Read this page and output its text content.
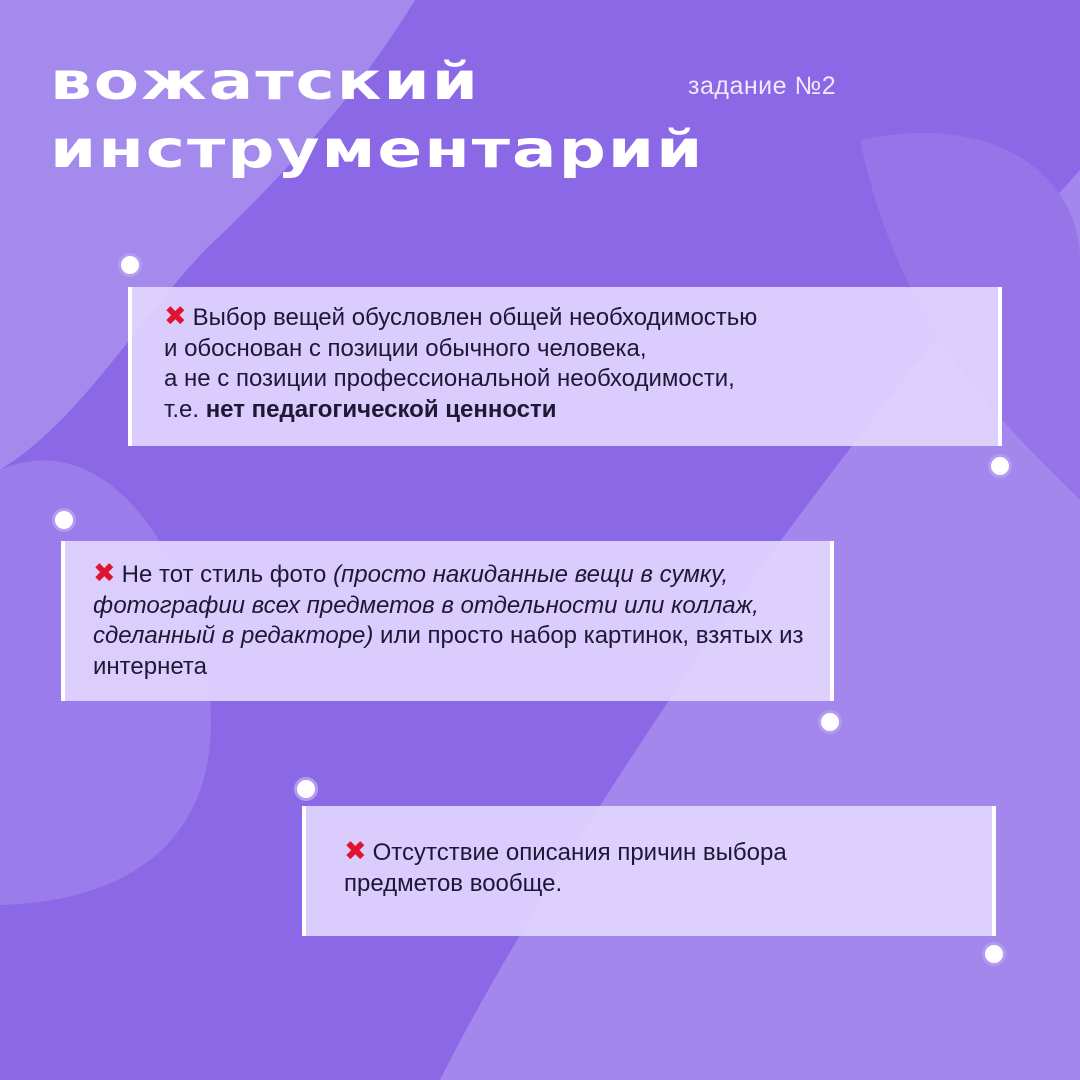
вожатский
инструментарий
задание №2

✖ Выбор вещей обусловлен общей необходимостью
и обоснован с позиции обычного человека,
а не с позиции профессиональной необходимости,
т.е. нет педагогической ценности

✖ Не тот стиль фото (просто накиданные вещи в сумку, фотографии всех предметов в отдельности или коллаж, сделанный в редакторе) или просто набор картинок, взятых из интернета

✖ Отсутствие описания причин выбора
предметов вообще.
